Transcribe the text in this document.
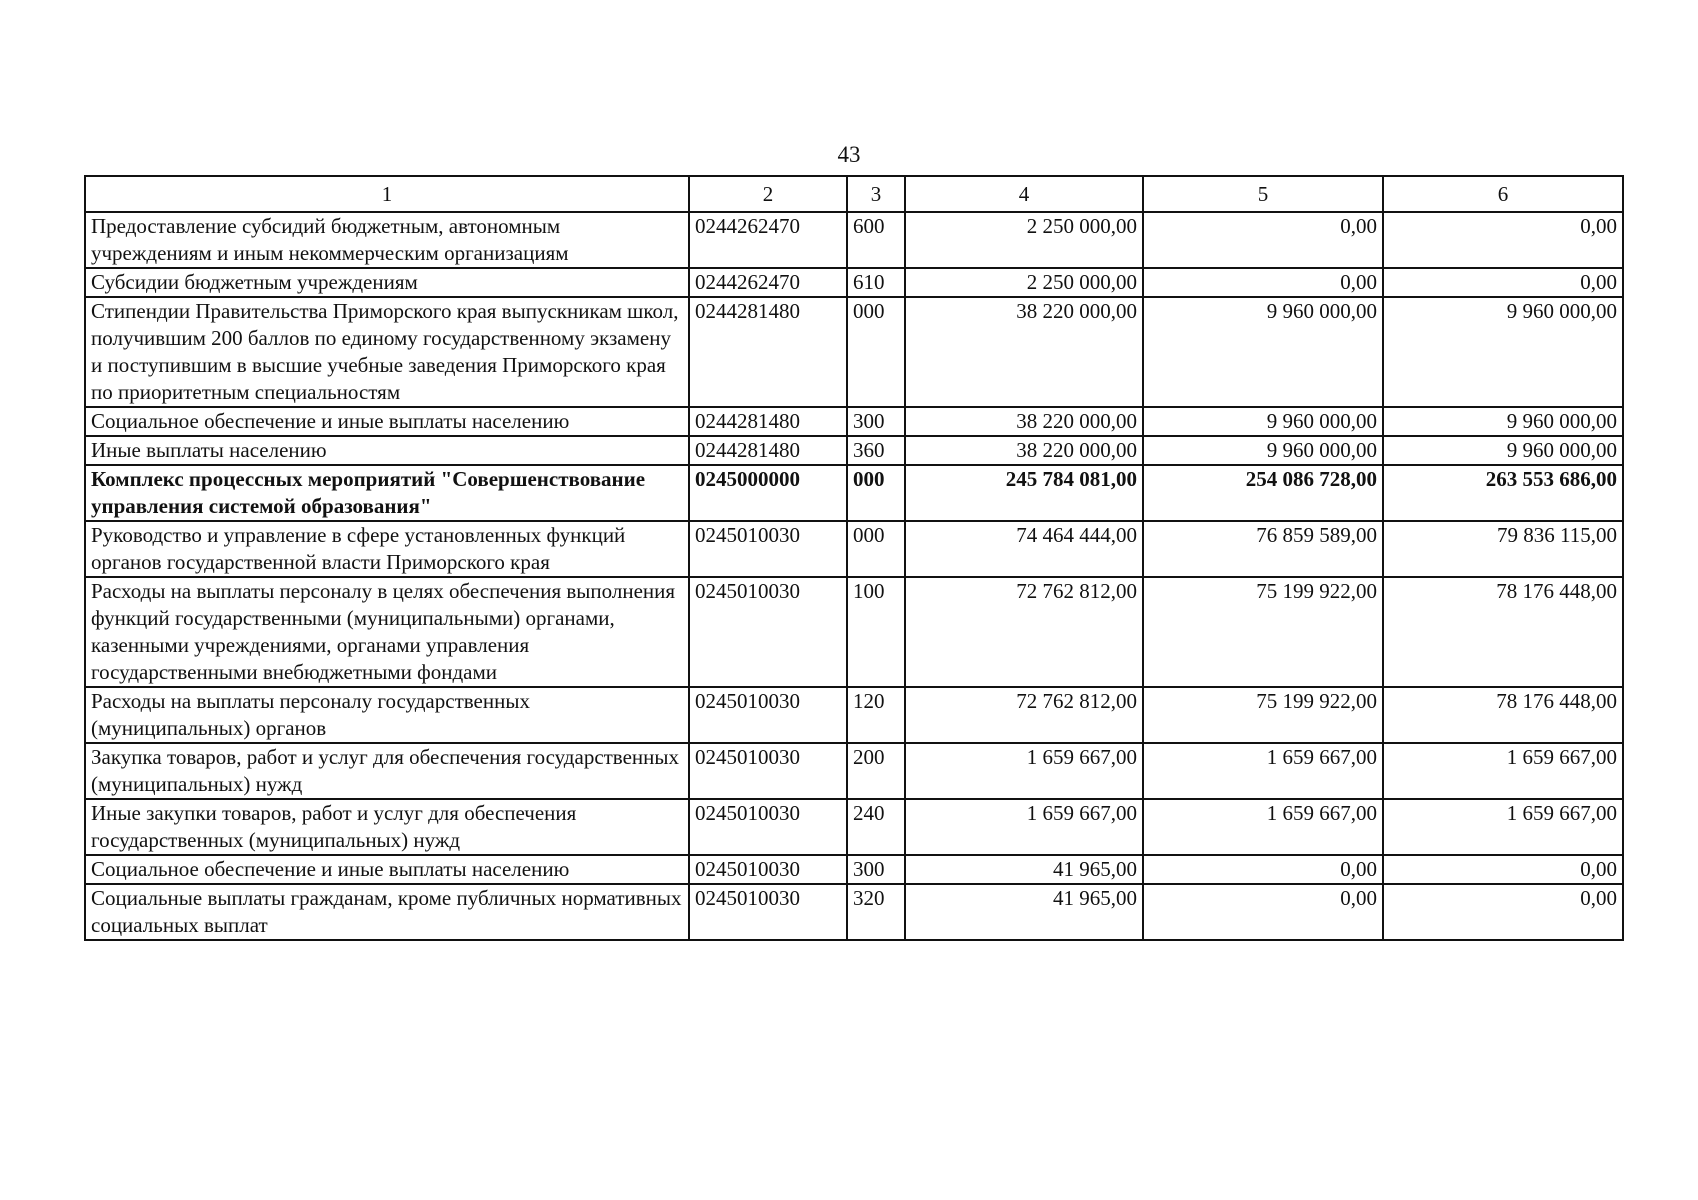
43
1	2	3	4	5	6
Предоставление субсидий бюджетным, автономным учреждениям и иным некоммерческим организациям	0244262470	600	2 250 000,00	0,00	0,00
Субсидии бюджетным учреждениям	0244262470	610	2 250 000,00	0,00	0,00
Стипендии Правительства Приморского края выпускникам школ, получившим 200 баллов по единому государственному экзамену и поступившим в высшие учебные заведения Приморского края по приоритетным специальностям	0244281480	000	38 220 000,00	9 960 000,00	9 960 000,00
Социальное обеспечение и иные выплаты населению	0244281480	300	38 220 000,00	9 960 000,00	9 960 000,00
Иные выплаты населению	0244281480	360	38 220 000,00	9 960 000,00	9 960 000,00
Комплекс процессных мероприятий "Совершенствование управления системой образования"	0245000000	000	245 784 081,00	254 086 728,00	263 553 686,00
Руководство и управление в сфере установленных функций органов государственной власти Приморского края	0245010030	000	74 464 444,00	76 859 589,00	79 836 115,00
Расходы на выплаты персоналу в целях обеспечения выполнения функций государственными (муниципальными) органами, казенными учреждениями, органами управления государственными внебюджетными фондами	0245010030	100	72 762 812,00	75 199 922,00	78 176 448,00
Расходы на выплаты персоналу государственных (муниципальных) органов	0245010030	120	72 762 812,00	75 199 922,00	78 176 448,00
Закупка товаров, работ и услуг для обеспечения государственных (муниципальных) нужд	0245010030	200	1 659 667,00	1 659 667,00	1 659 667,00
Иные закупки товаров, работ и услуг для обеспечения государственных (муниципальных) нужд	0245010030	240	1 659 667,00	1 659 667,00	1 659 667,00
Социальное обеспечение и иные выплаты населению	0245010030	300	41 965,00	0,00	0,00
Социальные выплаты гражданам, кроме публичных нормативных социальных выплат	0245010030	320	41 965,00	0,00	0,00
